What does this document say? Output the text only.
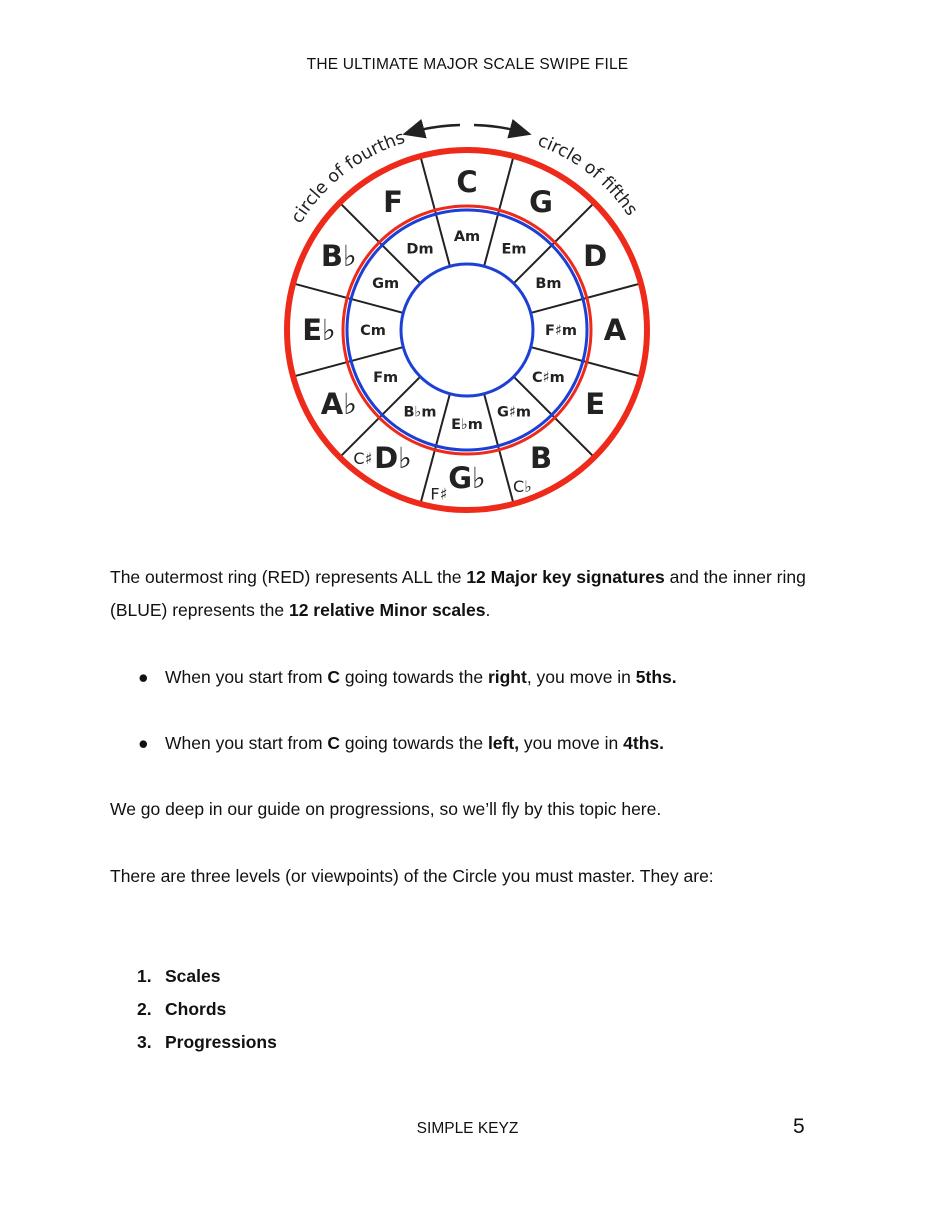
THE ULTIMATE MAJOR SCALE SWIPE FILE
C
G
D
A
E
B
C♭
G♭
F♯
D♭
C♯
A♭
E♭
B♭
F
Am
Em
Bm
F♯m
C♯m
G♯m
E♭m
B♭m
Fm
Cm
Gm
Dm
circle of fourths	circle of fifths
The outermost ring (RED) represents ALL the 12 Major key signatures and the inner ring (BLUE) represents the 12 relative Minor scales.
● When you start from C going towards the right, you move in 5ths.
● When you start from C going towards the left, you move in 4ths.
We go deep in our guide on progressions, so we’ll fly by this topic here.
There are three levels (or viewpoints) of the Circle you must master. They are:
1. Scales
2. Chords
3. Progressions
SIMPLE KEYZ	5
